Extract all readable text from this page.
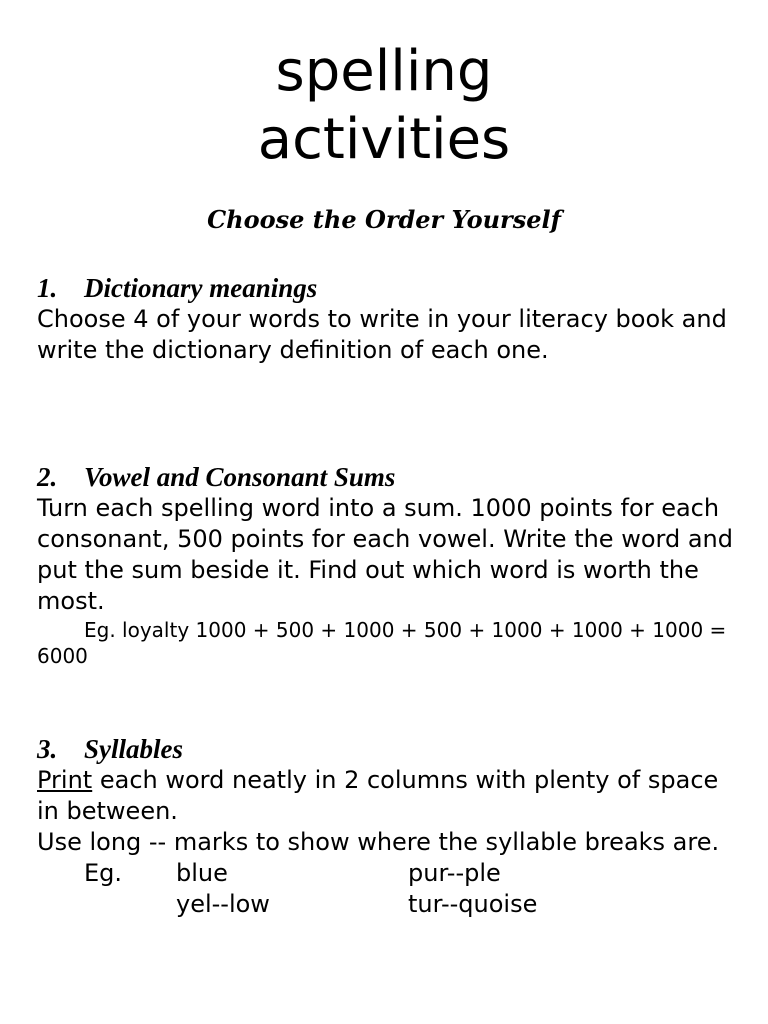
spelling
activities

Choose the Order Yourself

1. Dictionary meanings

Choose 4 of your words to write in your literacy book and write the dictionary definition of each one.

2. Vowel and Consonant Sums

Turn each spelling word into a sum. 1000 points for each consonant, 500 points for each vowel. Write the word and put the sum beside it. Find out which word is worth the most.

Eg. loyalty 1000 + 500 + 1000 + 500 + 1000 + 1000 + 1000 = 6000

3. Syllables

Print each word neatly in 2 columns with plenty of space in between.

Use long -- marks to show where the syllable breaks are.

Eg. blue	pur--ple
yel--low	tur--quoise
